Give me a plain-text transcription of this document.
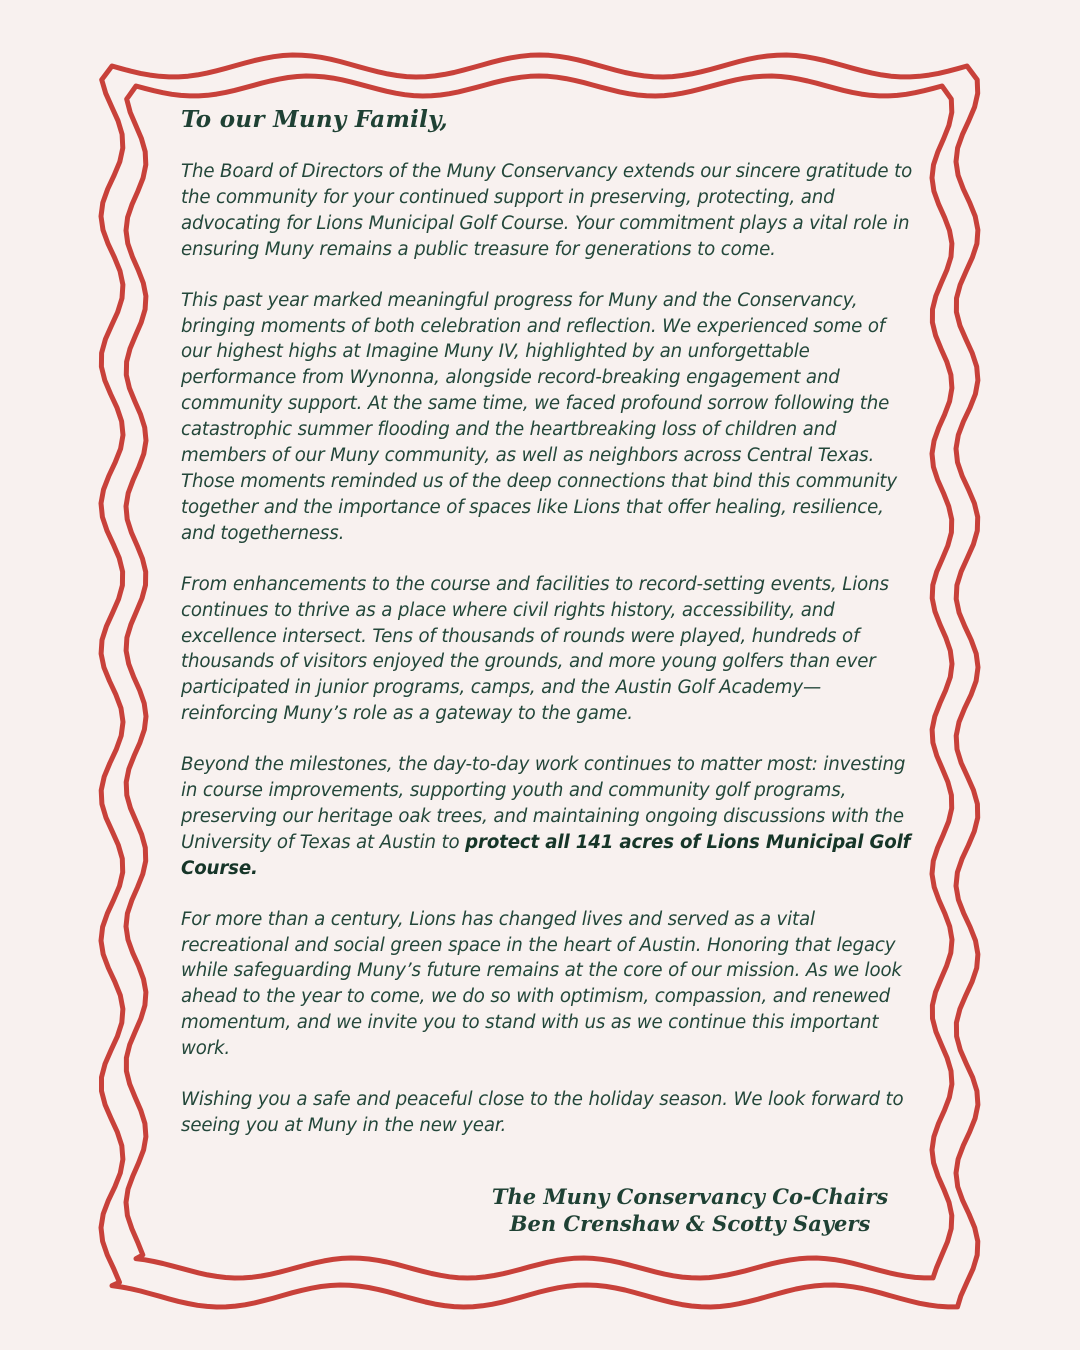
To our Muny Family,

The Board of Directors of the Muny Conservancy extends our sincere gratitude to the community for your continued support in preserving, protecting, and advocating for Lions Municipal Golf Course. Your commitment plays a vital role in ensuring Muny remains a public treasure for generations to come.

This past year marked meaningful progress for Muny and the Conservancy, bringing moments of both celebration and reflection. We experienced some of our highest highs at Imagine Muny IV, highlighted by an unforgettable performance from Wynonna, alongside record-breaking engagement and community support. At the same time, we faced profound sorrow following the catastrophic summer flooding and the heartbreaking loss of children and members of our Muny community, as well as neighbors across Central Texas. Those moments reminded us of the deep connections that bind this community together and the importance of spaces like Lions that offer healing, resilience, and togetherness.

From enhancements to the course and facilities to record-setting events, Lions continues to thrive as a place where civil rights history, accessibility, and excellence intersect. Tens of thousands of rounds were played, hundreds of thousands of visitors enjoyed the grounds, and more young golfers than ever participated in junior programs, camps, and the Austin Golf Academy—reinforcing Muny’s role as a gateway to the game.

Beyond the milestones, the day-to-day work continues to matter most: investing in course improvements, supporting youth and community golf programs, preserving our heritage oak trees, and maintaining ongoing discussions with the University of Texas at Austin to protect all 141 acres of Lions Municipal Golf Course.

For more than a century, Lions has changed lives and served as a vital recreational and social green space in the heart of Austin. Honoring that legacy while safeguarding Muny’s future remains at the core of our mission. As we look ahead to the year to come, we do so with optimism, compassion, and renewed momentum, and we invite you to stand with us as we continue this important work.

Wishing you a safe and peaceful close to the holiday season. We look forward to seeing you at Muny in the new year.

The Muny Conservancy Co-Chairs
Ben Crenshaw & Scotty Sayers
